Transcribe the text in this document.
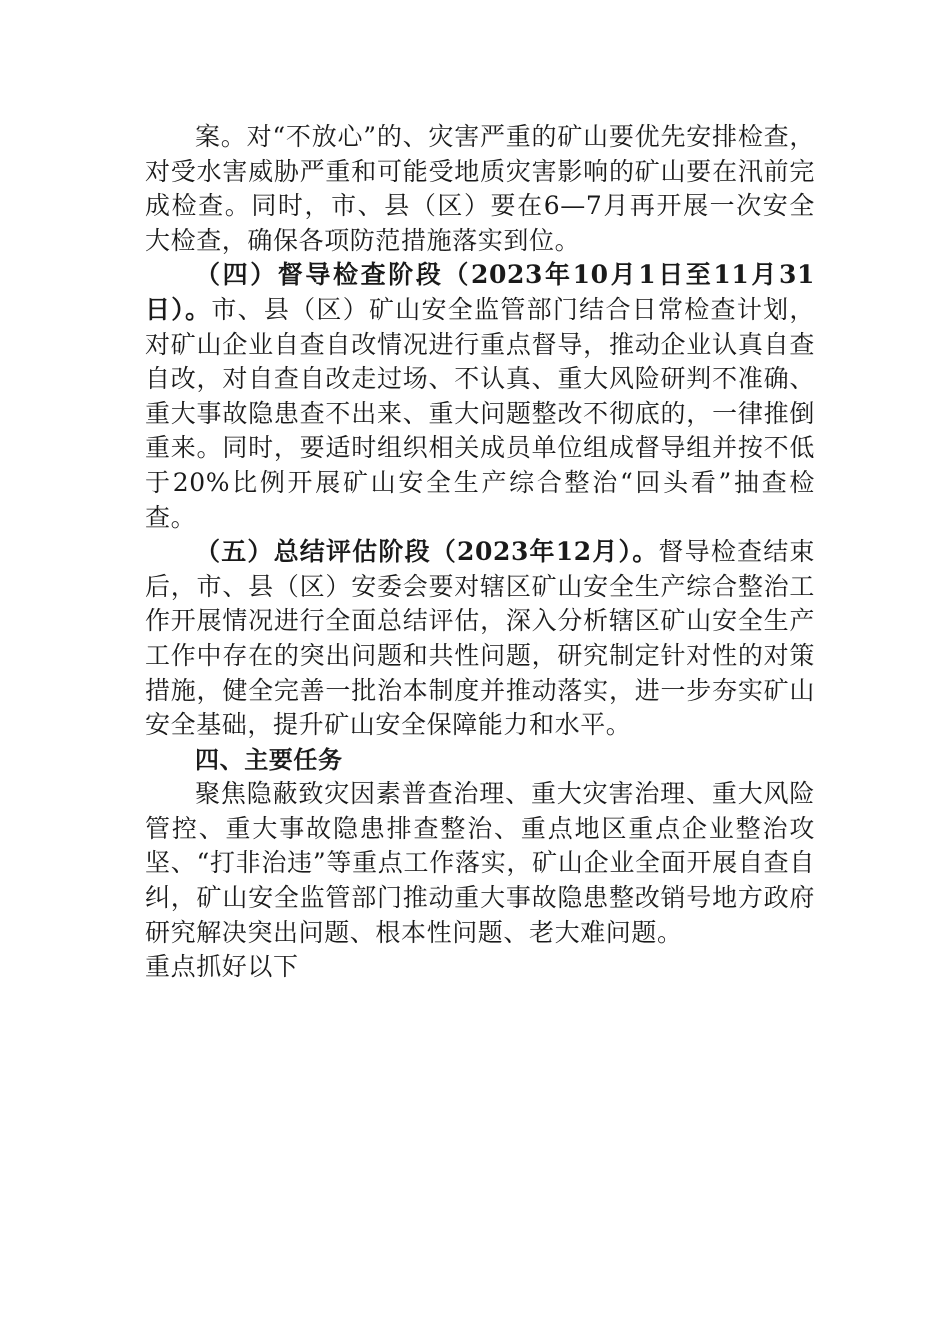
案。对“不放心”的、灾害严重的矿山要优先安排检查，对受水害威胁严重和可能受地质灾害影响的矿山要在汛前完成检查。同时，市、县（区）要在6—7月再开展一次安全大检查，确保各项防范措施落实到位。

（四）督导检查阶段（2023年10月1日至11月31日）。市、县（区）矿山安全监管部门结合日常检查计划，对矿山企业自查自改情况进行重点督导，推动企业认真自查自改，对自查自改走过场、不认真、重大风险研判不准确、重大事故隐患查不出来、重大问题整改不彻底的，一律推倒重来。同时，要适时组织相关成员单位组成督导组并按不低于20%比例开展矿山安全生产综合整治“回头看”抽查检查。

（五）总结评估阶段（2023年12月）。督导检查结束后，市、县（区）安委会要对辖区矿山安全生产综合整治工作开展情况进行全面总结评估，深入分析辖区矿山安全生产工作中存在的突出问题和共性问题，研究制定针对性的对策措施，健全完善一批治本制度并推动落实，进一步夯实矿山安全基础，提升矿山安全保障能力和水平。

四、主要任务

聚焦隐蔽致灾因素普查治理、重大灾害治理、重大风险管控、重大事故隐患排查整治、重点地区重点企业整治攻坚、“打非治违”等重点工作落实，矿山企业全面开展自查自纠，矿山安全监管部门推动重大事故隐患整改销号地方政府研究解决突出问题、根本性问题、老大难问题。

重点抓好以下
